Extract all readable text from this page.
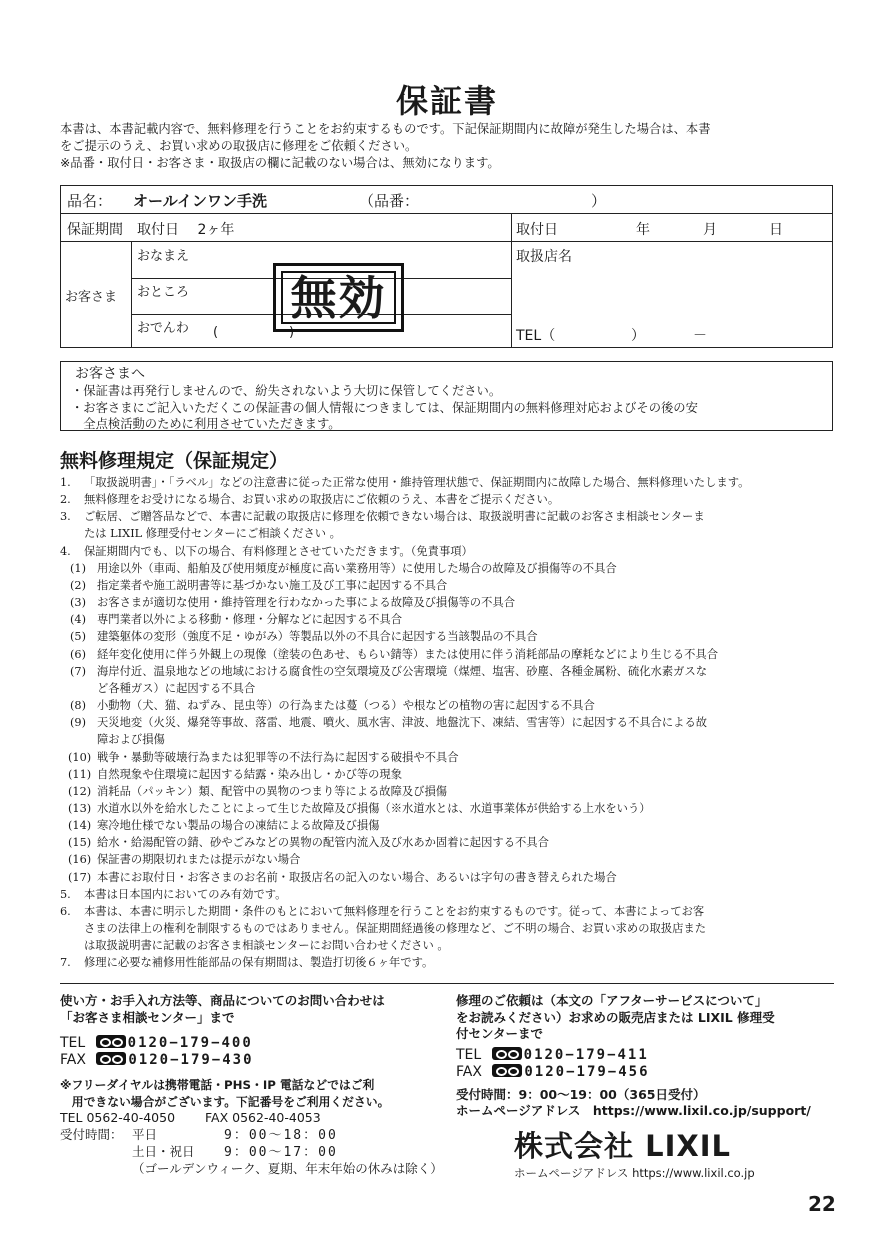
保証書

本書は、本書記載内容で、無料修理を行うことをお約束するものです。下記保証期間内に故障が発生した場合は、本書

をご提示のうえ、お買い求めの取扱店に修理をご依頼ください。

※品番・取付日・お客さま・取扱店の欄に記載のない場合は、無効になります。

品名： オールインワン手洗	（品番：	）
保証期間 取付日　 2ヶ年	取付日	年	月	日
お客さま
おなまえ
おところ
おでんわ (	)
取扱店名
TEL（	）	－
無効
お客さまへ

・保証書は再発行しませんので、紛失されないよう大切に保管してください。

・お客さまにご記入いただくこの保証書の個人情報につきましては、保証期間内の無料修理対応およびその後の安

　全点検活動のために利用させていただきます。

無料修理規定（保証規定）
1. 「取扱説明書」・「ラベル」などの注意書に従った正常な使用・維持管理状態で、保証期間内に故障した場合、無料修理いたします。
2. 無料修理をお受けになる場合、お買い求めの取扱店にご依頼のうえ、本書をご提示ください。
3. ご転居、ご贈答品などで、本書に記載の取扱店に修理を依頼できない場合は、取扱説明書に記載のお客さま相談センターま
たは LIXIL 修理受付センターにご相談ください 。
4. 保証期間内でも、以下の場合、有料修理とさせていただきます。（免責事項）
(1) 用途以外（車両、船舶及び使用頻度が極度に高い業務用等）に使用した場合の故障及び損傷等の不具合
(2) 指定業者や施工説明書等に基づかない施工及び工事に起因する不具合
(3) お客さまが適切な使用・維持管理を行わなかった事による故障及び損傷等の不具合
(4) 専門業者以外による移動・修理・分解などに起因する不具合
(5) 建築躯体の変形（強度不足・ゆがみ）等製品以外の不具合に起因する当該製品の不具合
(6) 経年変化使用に伴う外観上の現像（塗装の色あせ、もらい錆等）または使用に伴う消耗部品の摩耗などにより生じる不具合
(7) 海岸付近、温泉地などの地域における腐食性の空気環境及び公害環境（煤煙、塩害、砂塵、各種金属粉、硫化水素ガスな
ど各種ガス）に起因する不具合
(8) 小動物（犬、猫、ねずみ、昆虫等）の行為または蔓（つる）や根などの植物の害に起因する不具合
(9) 天災地変（火災、爆発等事故、落雷、地震、噴火、風水害、津波、地盤沈下、凍結、雪害等）に起因する不具合による故
障および損傷
(10) 戦争・暴動等破壊行為または犯罪等の不法行為に起因する破損や不具合
(11) 自然現象や住環境に起因する結露・染み出し・かび等の現象
(12) 消耗品（パッキン）類、配管中の異物のつまり等による故障及び損傷
(13) 水道水以外を給水したことによって生じた故障及び損傷（※水道水とは、水道事業体が供給する上水をいう）
(14) 寒冷地仕様でない製品の場合の凍結による故障及び損傷
(15) 給水・給湯配管の錆、砂やごみなどの異物の配管内流入及び水あか固着に起因する不具合
(16) 保証書の期限切れまたは提示がない場合
(17) 本書にお取付日・お客さまのお名前・取扱店名の記入のない場合、あるいは字句の書き替えられた場合
5. 本書は日本国内においてのみ有効です。
6. 本書は、本書に明示した期間・条件のもとにおいて無料修理を行うことをお約束するものです。従って、本書によってお客
さまの法律上の権利を制限するものではありません。保証期間経過後の修理など、ご不明の場合、お買い求めの取扱店また
は取扱説明書に記載のお客さま相談センターにお問い合わせください 。
7. 修理に必要な補修用性能部品の保有期間は、製造打切後６ヶ年です。
使い方・お手入れ方法等、商品についてのお問い合わせは
「お客さま相談センター」まで
TEL	0120−179−400
FAX	0120−179−430
※フリーダイヤルは携帯電話・PHS・IP 電話などではご利
　用できない場合がございます。下記番号をご利用ください。
TEL 0562-40-4050 FAX 0562-40-4053
受付時間： 平日	9：00〜18：00
土日・祝日 9：00〜17：00
（ゴールデンウィーク、夏期、年末年始の休みは除く）
修理のご依頼は（本文の「アフターサービスについて」
をお読みください）お求めの販売店または LIXIL 修理受
付センターまで
TEL	0120−179−411
FAX	0120−179−456
受付時間：9：00〜19：00（365日受付）
ホームページアドレス　https://www.lixil.co.jp/support/
株式会社 LIXIL
ホームページアドレス https://www.lixil.co.jp
22
